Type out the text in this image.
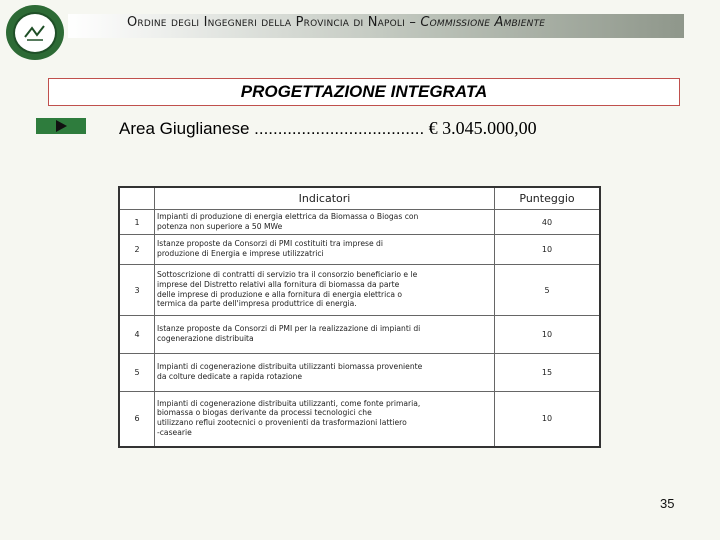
Ordine degli Ingegneri della Provincia di Napoli – Commissione Ambiente
PROGETTAZIONE INTEGRATA
Area Giuglianese .................................... € 3.045.000,00
	Indicatori	Punteggio
1	Impianti di produzione di energia elettrica da Biomassa o Biogas con
potenza non superiore a 50 MWe	40
2	Istanze proposte da Consorzi di PMI costituiti tra imprese di
produzione di Energia e imprese utilizzatrici	10
3	Sottoscrizione di contratti di servizio tra il consorzio beneficiario e le
imprese del Distretto relativi alla fornitura di biomassa da parte
delle imprese di produzione e alla fornitura di energia elettrica o
termica da parte dell'impresa produttrice di energia.	5
4	Istanze proposte da Consorzi di PMI per la realizzazione di impianti di
cogenerazione distribuita	10
5	Impianti di cogenerazione distribuita utilizzanti biomassa proveniente
da colture dedicate a rapida rotazione	15
6	Impianti di cogenerazione distribuita utilizzanti, come fonte primaria,
biomassa o biogas derivante da processi tecnologici che
utilizzano reflui zootecnici o provenienti da trasformazioni lattiero
-casearie	10
35
